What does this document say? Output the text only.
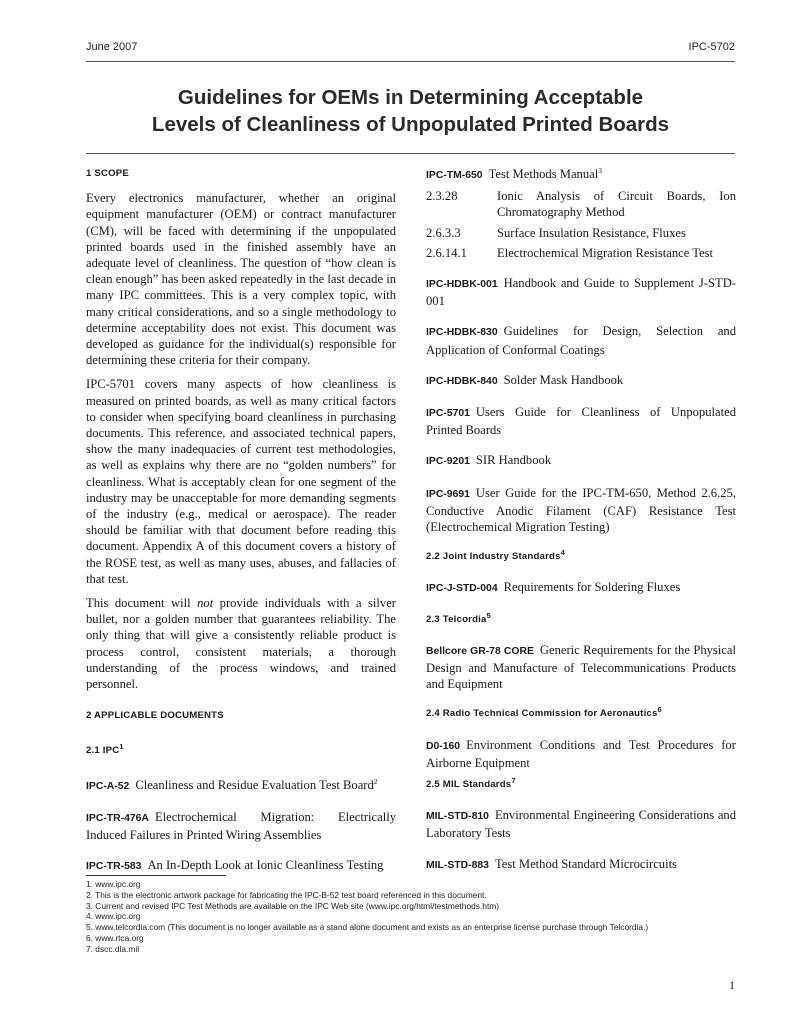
June 2007	IPC-5702
Guidelines for OEMs in Determining Acceptable
Levels of Cleanliness of Unpopulated Printed Boards
1 SCOPE

Every electronics manufacturer, whether an original equipment manufacturer (OEM) or contract manufacturer (CM), will be faced with determining if the unpopulated printed boards used in the finished assembly have an adequate level of cleanliness. The question of “how clean is clean enough” has been asked repeatedly in the last decade in many IPC committees. This is a very complex topic, with many critical considerations, and so a single methodology to determine acceptability does not exist. This document was developed as guidance for the individual(s) responsible for determining these criteria for their company.

IPC-5701 covers many aspects of how cleanliness is measured on printed boards, as well as many critical factors to consider when specifying board cleanliness in purchasing documents. This reference, and associated technical papers, show the many inadequacies of current test methodologies, as well as explains why there are no “golden numbers” for cleanliness. What is acceptably clean for one segment of the industry may be unacceptable for more demanding segments of the industry (e.g., medical or aerospace). The reader should be familiar with that document before reading this document. Appendix A of this document covers a history of the ROSE test, as well as many uses, abuses, and fallacies of that test.

This document will not provide individuals with a silver bullet, nor a golden number that guarantees reliability. The only thing that will give a consistently reliable product is process control, consistent materials, a thorough understanding of the process windows, and trained personnel.

2 APPLICABLE DOCUMENTS
2.1 IPC$^1$
IPC-A-52 Cleanliness and Residue Evaluation Test Board$^2$
IPC-TR-476A Electrochemical Migration: Electrically Induced Failures in Printed Wiring Assemblies
IPC-TR-583 An In-Depth Look at Ionic Cleanliness Testing
IPC-TM-650 Test Methods Manual$^3$
2.3.28	Ionic Analysis of Circuit Boards, Ion Chromatography Method
2.6.3.3	Surface Insulation Resistance, Fluxes
2.6.14.1	Electrochemical Migration Resistance Test
IPC-HDBK-001 Handbook and Guide to Supplement J-STD-001
IPC-HDBK-830 Guidelines for Design, Selection and Application of Conformal Coatings
IPC-HDBK-840 Solder Mask Handbook
IPC-5701 Users Guide for Cleanliness of Unpopulated Printed Boards
IPC-9201 SIR Handbook
IPC-9691 User Guide for the IPC-TM-650, Method 2.6.25, Conductive Anodic Filament (CAF) Resistance Test (Electrochemical Migration Testing)
2.2 Joint Industry Standards$^4$
IPC-J-STD-004 Requirements for Soldering Fluxes
2.3 Telcordia$^5$
Bellcore GR-78 CORE Generic Requirements for the Physical Design and Manufacture of Telecommunications Products and Equipment
2.4 Radio Technical Commission for Aeronautics$^6$
D0-160 Environment Conditions and Test Procedures for Airborne Equipment
2.5 MIL Standards$^7$
MIL-STD-810 Environmental Engineering Considerations and Laboratory Tests
MIL-STD-883 Test Method Standard Microcircuits
1. www.ipc.org
2. This is the electronic artwork package for fabricating the IPC-B-52 test board referenced in this document.
3. Current and revised IPC Test Methods are available on the IPC Web site (www.ipc.org/html/testmethods.htm)
4. www.ipc.org
5. www.telcordia.com (This document is no longer available as a stand alone document and exists as an enterprise license purchase through Telcordia.)
6. www.rtca.org
7. dscc.dla.mil
1
